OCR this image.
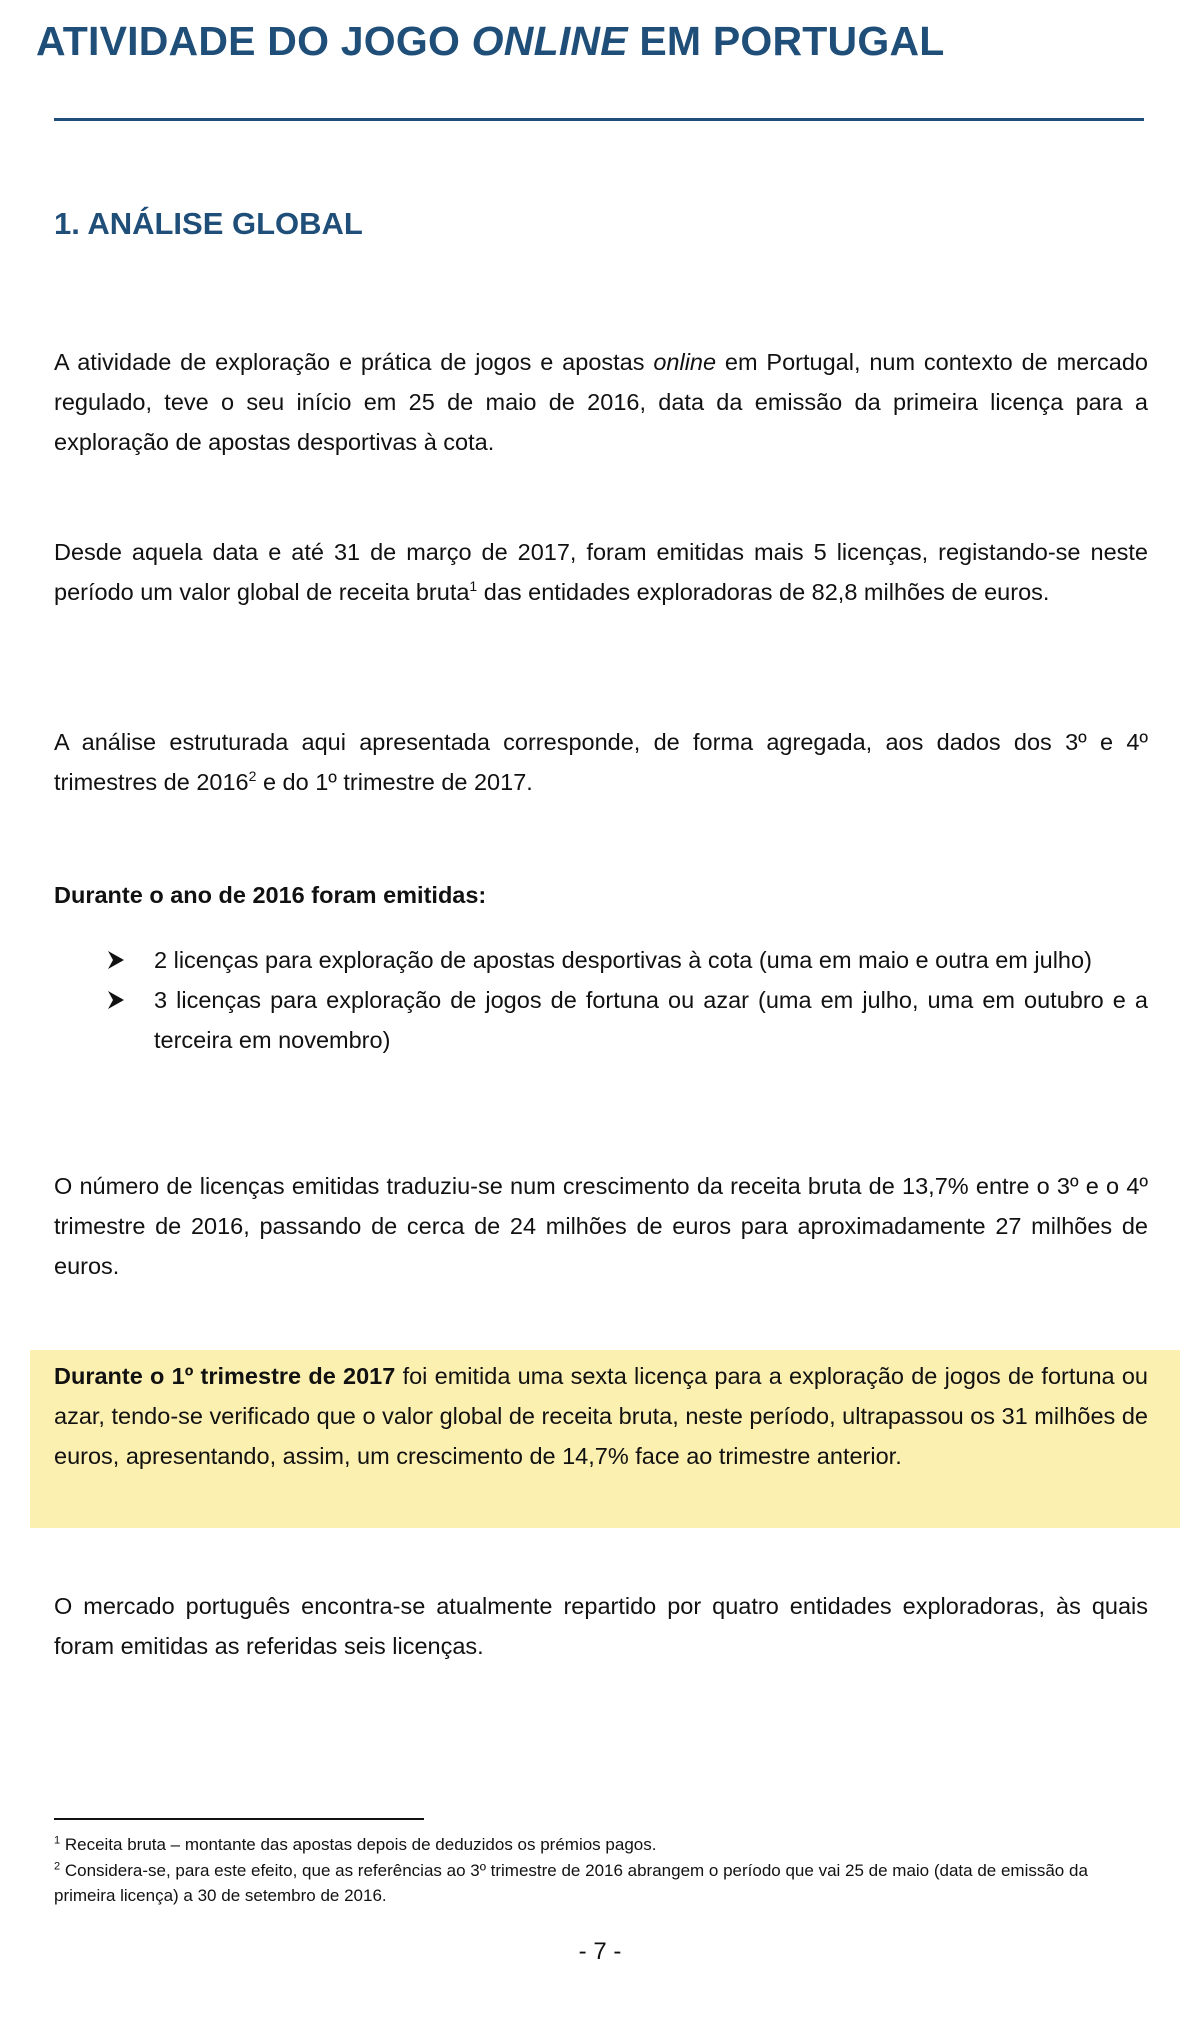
ATIVIDADE DO JOGO ONLINE EM PORTUGAL
1. ANÁLISE GLOBAL

A atividade de exploração e prática de jogos e apostas online em Portugal, num contexto de mercado regulado, teve o seu início em 25 de maio de 2016, data da emissão da primeira licença para a exploração de apostas desportivas à cota.

Desde aquela data e até 31 de março de 2017, foram emitidas mais 5 licenças, registando-se neste período um valor global de receita bruta$^1$ das entidades exploradoras de 82,8 milhões de euros.

A análise estruturada aqui apresentada corresponde, de forma agregada, aos dados dos 3º e 4º trimestres de 2016$^2$ e do 1º trimestre de 2017.

Durante o ano de 2016 foram emitidas:

2 licenças para exploração de apostas desportivas à cota (uma em maio e outra em julho)
3 licenças para exploração de jogos de fortuna ou azar (uma em julho, uma em outubro e a terceira em novembro)

O número de licenças emitidas traduziu-se num crescimento da receita bruta de 13,7% entre o 3º e o 4º trimestre de 2016, passando de cerca de 24 milhões de euros para aproximadamente 27 milhões de euros.

Durante o 1º trimestre de 2017 foi emitida uma sexta licença para a exploração de jogos de fortuna ou azar, tendo-se verificado que o valor global de receita bruta, neste período, ultrapassou os 31 milhões de euros, apresentando, assim, um crescimento de 14,7% face ao trimestre anterior.

O mercado português encontra-se atualmente repartido por quatro entidades exploradoras, às quais foram emitidas as referidas seis licenças.

$^1$ Receita bruta – montante das apostas depois de deduzidos os prémios pagos.

$^2$ Considera-se, para este efeito, que as referências ao 3º trimestre de 2016 abrangem o período que vai 25 de maio (data de emissão da primeira licença) a 30 de setembro de 2016.

- 7 -
